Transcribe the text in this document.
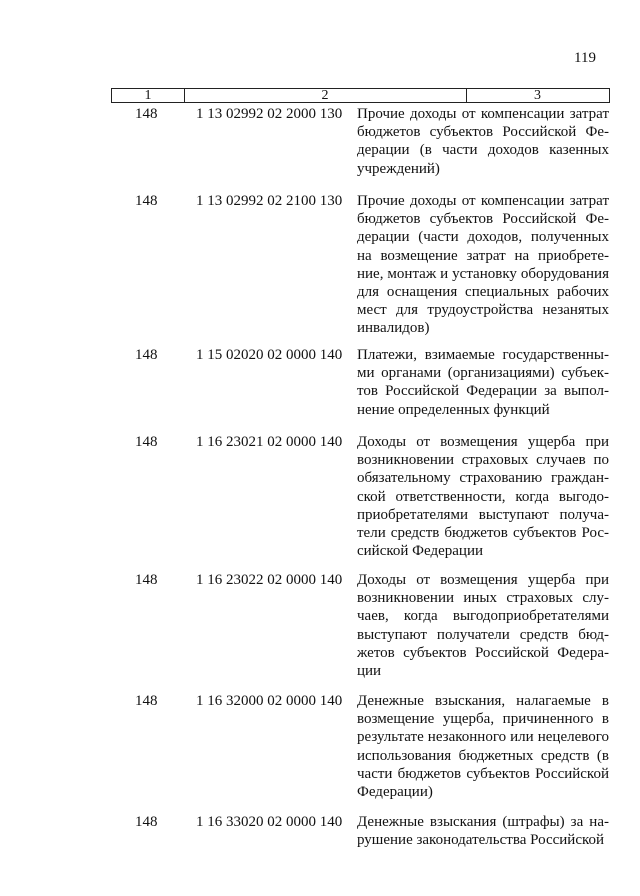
119
1	2	3
148	1 13 02992 02 2000 130 Прочие доходы от компенсации затрат бюджетов субъектов Российской Федерации (в части доходов казенных учреждений)
148	1 13 02992 02 2100 130 Прочие доходы от компенсации затрат бюджетов субъектов Российской Федерации (части доходов, полученных на возмещение затрат на приобретение, монтаж и установку оборудования для оснащения специальных рабочих мест для трудоустройства незанятых инвалидов)
148	1 15 02020 02 0000 140 Платежи, взимаемые государственными органами (организациями) субъектов Российской Федерации за выполнение определенных функций
148	1 16 23021 02 0000 140 Доходы от возмещения ущерба при возникновении страховых случаев по обязательному страхованию гражданской ответственности, когда выгодоприобретателями выступают получатели средств бюджетов субъектов Российской Федерации
148	1 16 23022 02 0000 140 Доходы от возмещения ущерба при возникновении иных страховых случаев, когда выгодоприобретателями выступают получатели средств бюджетов субъектов Российской Федерации
148	1 16 32000 02 0000 140 Денежные взыскания, налагаемые в возмещение ущерба, причиненного в результате незаконного или нецелевого использования бюджетных средств (в части бюджетов субъектов Российской Федерации)
148	1 16 33020 02 0000 140 Денежные взыскания (штрафы) за нарушение законодательства Российской
